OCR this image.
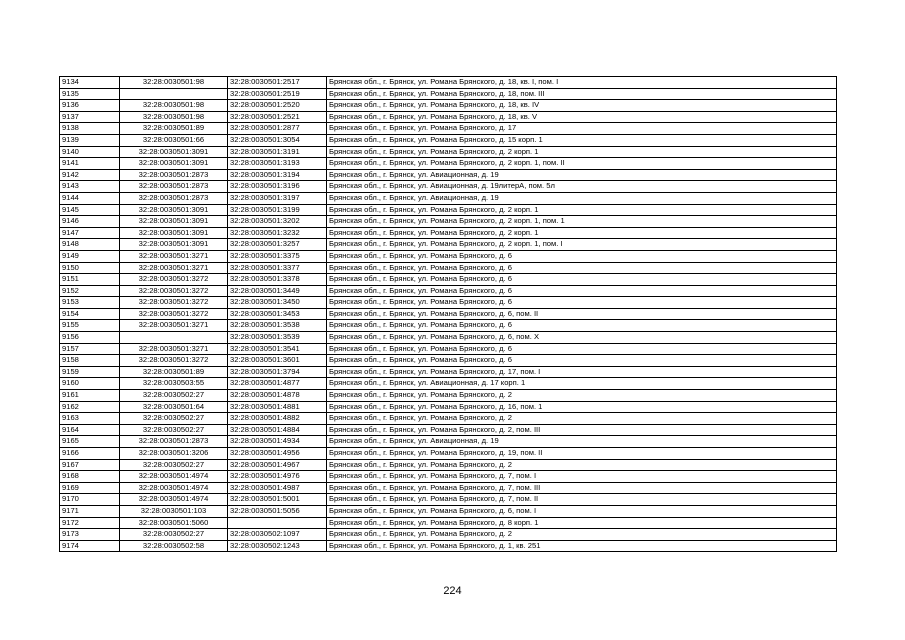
9134	32:28:0030501:98	32:28:0030501:2517	Брянская обл., г. Брянск, ул. Романа Брянского, д. 18, кв. I, пом. I
9135		32:28:0030501:2519	Брянская обл., г. Брянск, ул. Романа Брянского, д. 18, пом. III
9136	32:28:0030501:98	32:28:0030501:2520	Брянская обл., г. Брянск, ул. Романа Брянского, д. 18, кв. IV
9137	32:28:0030501:98	32:28:0030501:2521	Брянская обл., г. Брянск, ул. Романа Брянского, д. 18, кв. V
9138	32:28:0030501:89	32:28:0030501:2877	Брянская обл., г. Брянск, ул. Романа Брянского, д. 17
9139	32:28:0030501:66	32:28:0030501:3054	Брянская обл., г. Брянск, ул. Романа Брянского, д. 15 корп. 1
9140	32:28:0030501:3091	32:28:0030501:3191	Брянская обл., г. Брянск, ул. Романа Брянского, д. 2 корп. 1
9141	32:28:0030501:3091	32:28:0030501:3193	Брянская обл., г. Брянск, ул. Романа Брянского, д. 2 корп. 1, пом. II
9142	32:28:0030501:2873	32:28:0030501:3194	Брянская обл., г. Брянск, ул. Авиационная, д. 19
9143	32:28:0030501:2873	32:28:0030501:3196	Брянская обл., г. Брянск, ул. Авиационная, д. 19литерА, пом. 5л
9144	32:28:0030501:2873	32:28:0030501:3197	Брянская обл., г. Брянск, ул. Авиационная, д. 19
9145	32:28:0030501:3091	32:28:0030501:3199	Брянская обл., г. Брянск, ул. Романа Брянского, д. 2 корп. 1
9146	32:28:0030501:3091	32:28:0030501:3202	Брянская обл., г. Брянск, ул. Романа Брянского, д. 2 корп. 1, пом. 1
9147	32:28:0030501:3091	32:28:0030501:3232	Брянская обл., г. Брянск, ул. Романа Брянского, д. 2 корп. 1
9148	32:28:0030501:3091	32:28:0030501:3257	Брянская обл., г. Брянск, ул. Романа Брянского, д. 2 корп. 1, пом. I
9149	32:28:0030501:3271	32:28:0030501:3375	Брянская обл., г. Брянск, ул. Романа Брянского, д. 6
9150	32:28:0030501:3271	32:28:0030501:3377	Брянская обл., г. Брянск, ул. Романа Брянского, д. 6
9151	32:28:0030501:3272	32:28:0030501:3378	Брянская обл., г. Брянск, ул. Романа Брянского, д. 6
9152	32:28:0030501:3272	32:28:0030501:3449	Брянская обл., г. Брянск, ул. Романа Брянского, д. 6
9153	32:28:0030501:3272	32:28:0030501:3450	Брянская обл., г. Брянск, ул. Романа Брянского, д. 6
9154	32:28:0030501:3272	32:28:0030501:3453	Брянская обл., г. Брянск, ул. Романа Брянского, д. 6, пом. II
9155	32:28:0030501:3271	32:28:0030501:3538	Брянская обл., г. Брянск, ул. Романа Брянского, д. 6
9156		32:28:0030501:3539	Брянская обл., г. Брянск, ул. Романа Брянского, д. 6, пом. X
9157	32:28:0030501:3271	32:28:0030501:3541	Брянская обл., г. Брянск, ул. Романа Брянского, д. 6
9158	32:28:0030501:3272	32:28:0030501:3601	Брянская обл., г. Брянск, ул. Романа Брянского, д. 6
9159	32:28:0030501:89	32:28:0030501:3794	Брянская обл., г. Брянск, ул. Романа Брянского, д. 17, пом. I
9160	32:28:0030503:55	32:28:0030501:4877	Брянская обл., г. Брянск, ул. Авиационная, д. 17 корп. 1
9161	32:28:0030502:27	32:28:0030501:4878	Брянская обл., г. Брянск, ул. Романа Брянского, д. 2
9162	32:28:0030501:64	32:28:0030501:4881	Брянская обл., г. Брянск, ул. Романа Брянского, д. 16, пом. 1
9163	32:28:0030502:27	32:28:0030501:4882	Брянская обл., г. Брянск, ул. Романа Брянского, д. 2
9164	32:28:0030502:27	32:28:0030501:4884	Брянская обл., г. Брянск, ул. Романа Брянского, д. 2, пом. III
9165	32:28:0030501:2873	32:28:0030501:4934	Брянская обл., г. Брянск, ул. Авиационная, д. 19
9166	32:28:0030501:3206	32:28:0030501:4956	Брянская обл., г. Брянск, ул. Романа Брянского, д. 19, пом. II
9167	32:28:0030502:27	32:28:0030501:4967	Брянская обл., г. Брянск, ул. Романа Брянского, д. 2
9168	32:28:0030501:4974	32:28:0030501:4976	Брянская обл., г. Брянск, ул. Романа Брянского, д. 7, пом. I
9169	32:28:0030501:4974	32:28:0030501:4987	Брянская обл., г. Брянск, ул. Романа Брянского, д. 7, пом. III
9170	32:28:0030501:4974	32:28:0030501:5001	Брянская обл., г. Брянск, ул. Романа Брянского, д. 7, пом. II
9171	32:28:0030501:103	32:28:0030501:5056	Брянская обл., г. Брянск, ул. Романа Брянского, д. 6, пом. I
9172	32:28:0030501:5060		Брянская обл., г. Брянск, ул. Романа Брянского, д. 8 корп. 1
9173	32:28:0030502:27	32:28:0030502:1097	Брянская обл., г. Брянск, ул. Романа Брянского, д. 2
9174	32:28:0030502:58	32:28:0030502:1243	Брянская обл., г. Брянск, ул. Романа Брянского, д. 1, кв. 251
224
